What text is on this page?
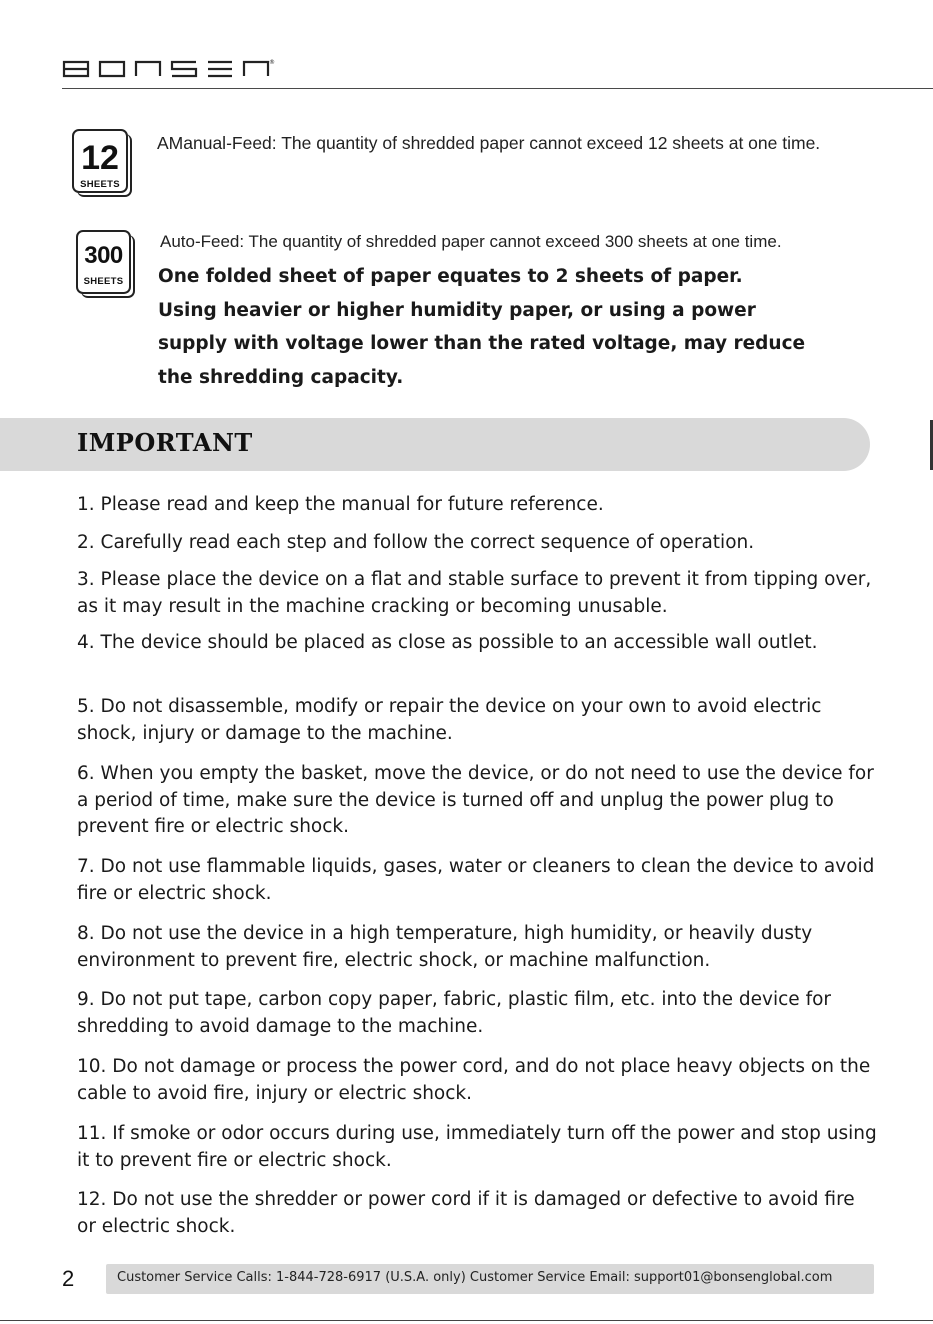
®
12
SHEETS
AManual-Feed: The quantity of shredded paper cannot exceed 12 sheets at one time.
300
SHEETS
Auto-Feed: The quantity of shredded paper cannot exceed 300 sheets at one time.

One folded sheet of paper equates to 2 sheets of paper.

Using heavier or higher humidity paper, or using a power

supply with voltage lower than the rated voltage, may reduce

the shredding capacity.

IMPORTANT
1. Please read and keep the manual for future reference.
2. Carefully read each step and follow the correct sequence of operation.
3. Please place the device on a flat and stable surface to prevent it from tipping over, as it may result in the machine cracking or becoming unusable.
4. The device should be placed as close as possible to an accessible wall outlet.
5. Do not disassemble, modify or repair the device on your own to avoid electric shock, injury or damage to the machine.
6. When you empty the basket, move the device, or do not need to use the device for a period of time, make sure the device is turned off and unplug the power plug to prevent fire or electric shock.
7. Do not use flammable liquids, gases, water or cleaners to clean the device to avoid fire or electric shock.
8. Do not use the device in a high temperature, high humidity, or heavily dusty environment to prevent fire, electric shock, or machine malfunction.
9. Do not put tape, carbon copy paper, fabric, plastic film, etc. into the device for shredding to avoid damage to the machine.
10. Do not damage or process the power cord, and do not place heavy objects on the cable to avoid fire, injury or electric shock.
11. If smoke or odor occurs during use, immediately turn off the power and stop using it to prevent fire or electric shock.
12. Do not use the shredder or power cord if it is damaged or defective to avoid fire or electric shock.
2	Customer Service Calls: 1-844-728-6917 (U.S.A. only) Customer Service Email: support01@bonsenglobal.com
